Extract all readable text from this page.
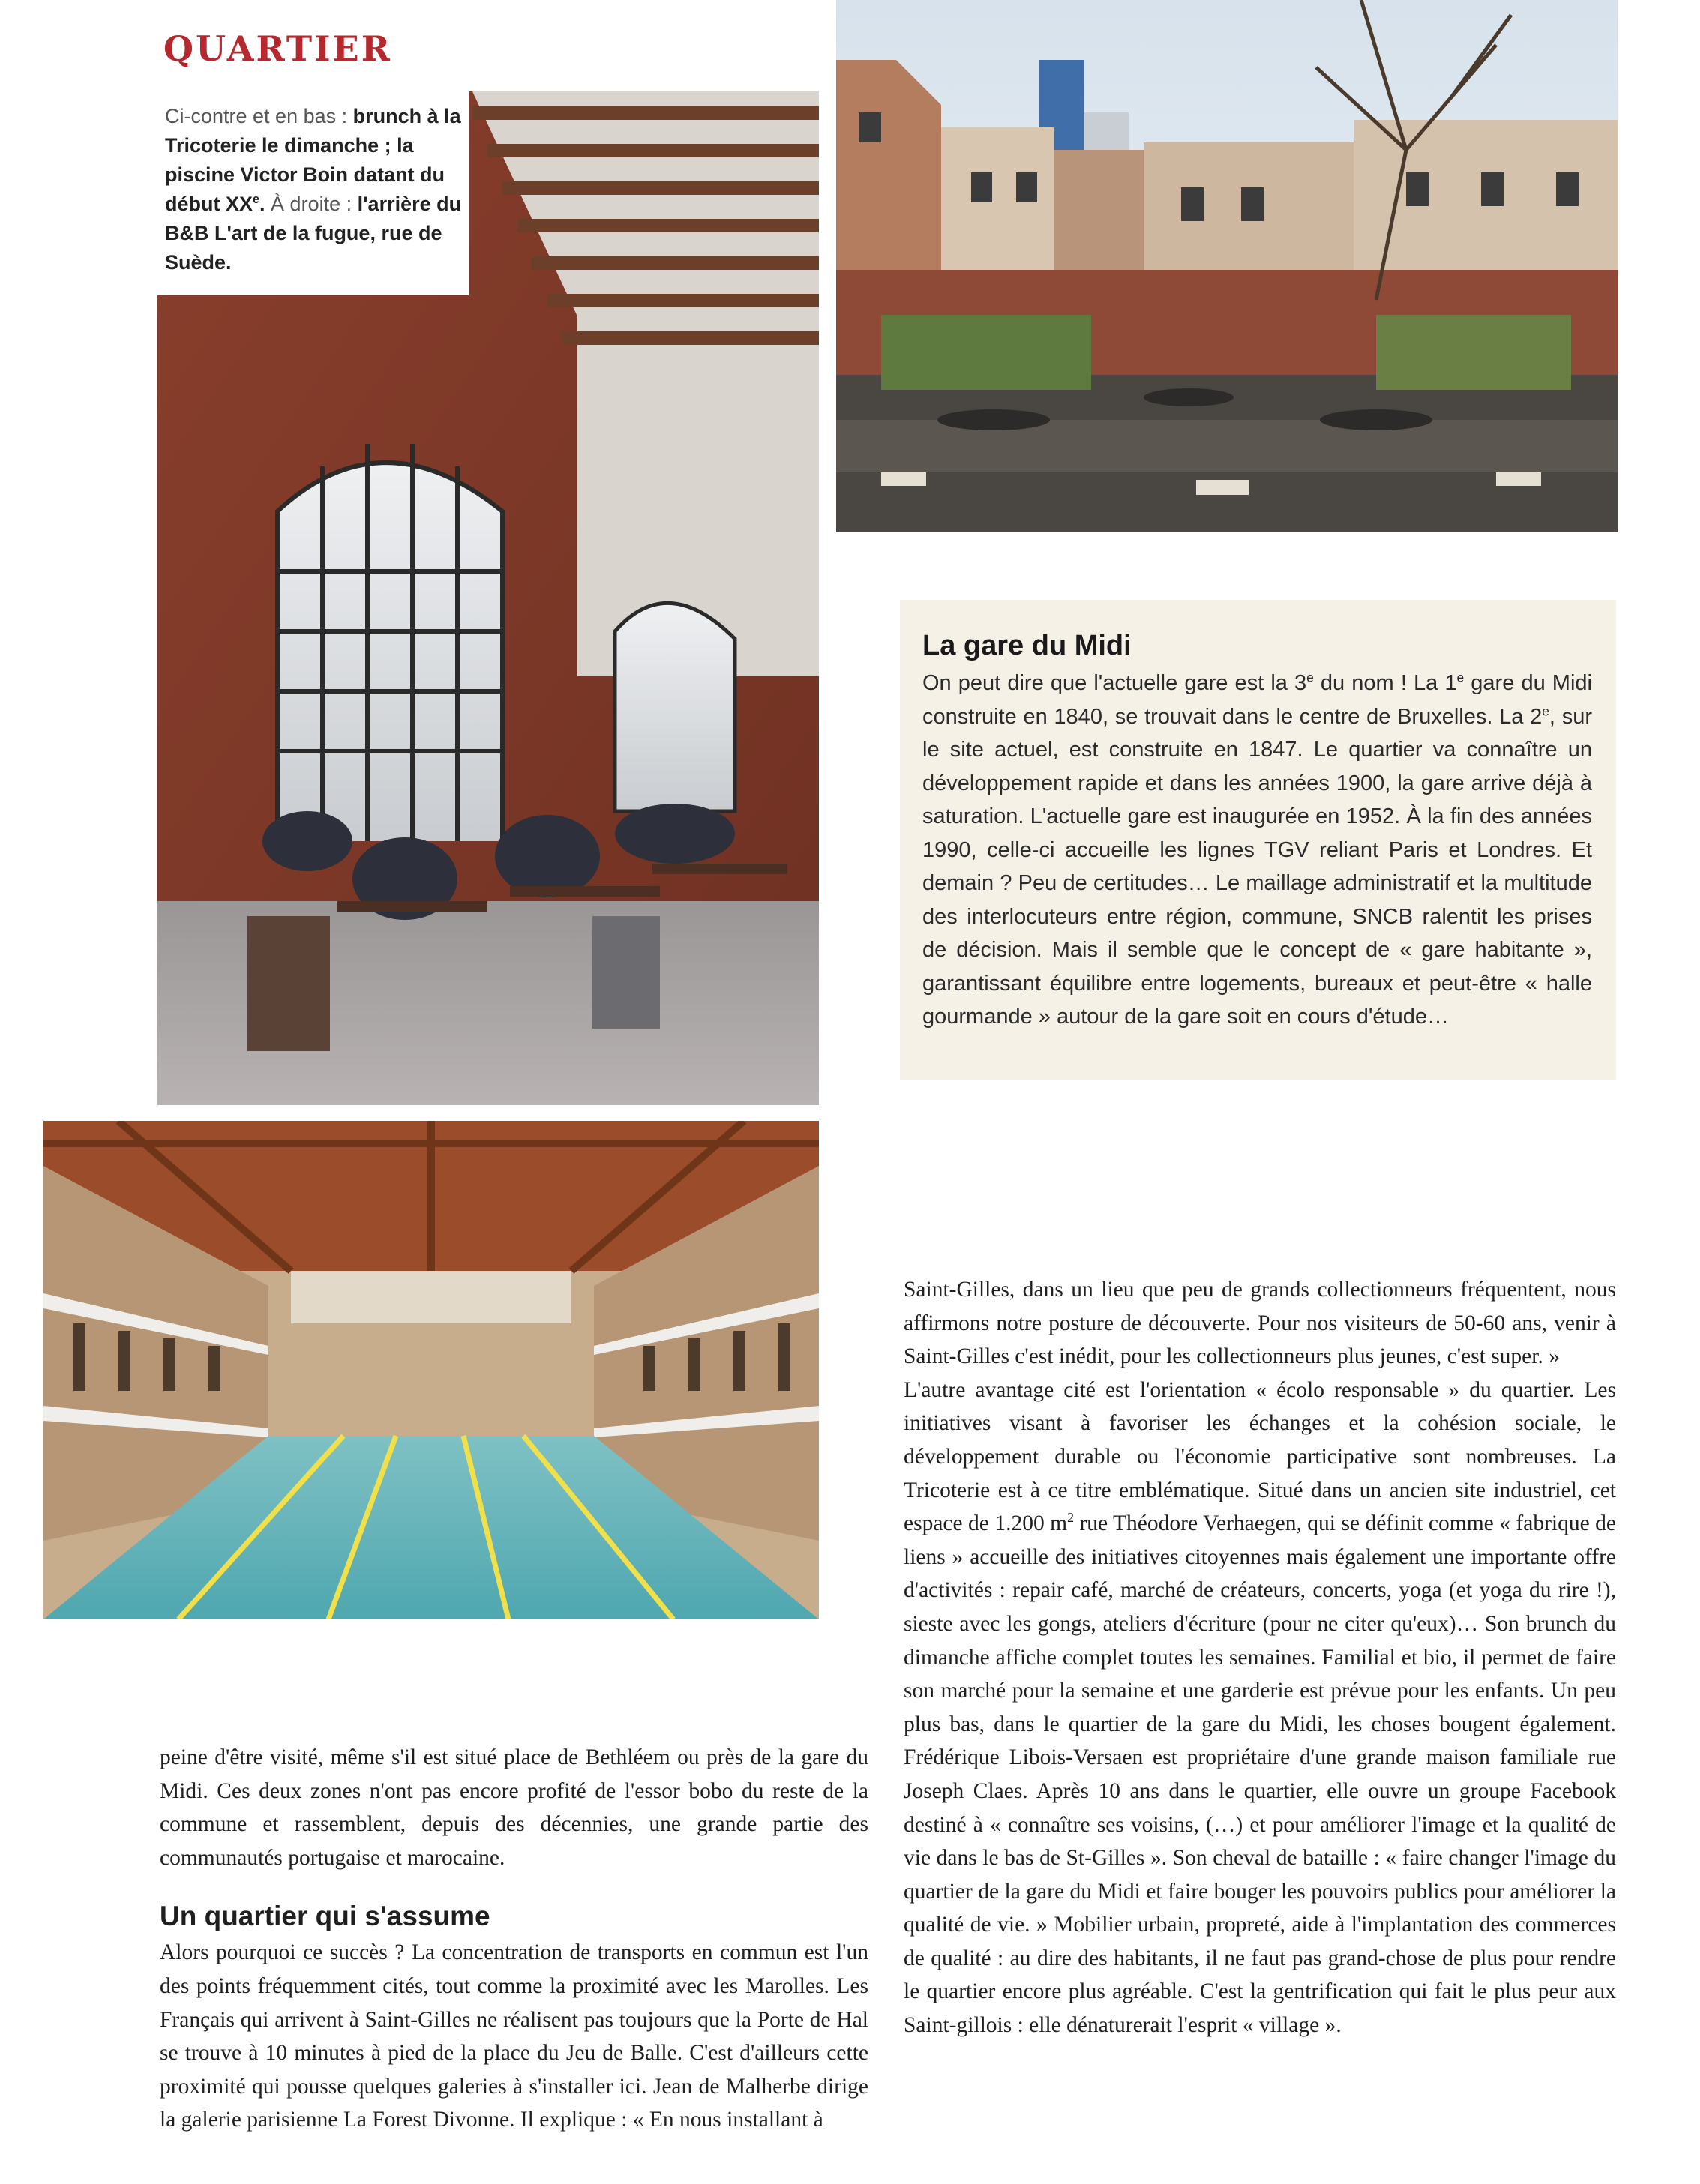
QUARTIER
Ci-contre et en bas : brunch à la Tricoterie le dimanche ; la piscine Victor Boin datant du début XXe. À droite : l'arrière du B&B L'art de la fugue, rue de Suède.
La gare du Midi

On peut dire que l'actuelle gare est la 3e du nom ! La 1e gare du Midi construite en 1840, se trouvait dans le centre de Bruxelles. La 2e, sur le site actuel, est construite en 1847. Le quartier va connaître un développement rapide et dans les années 1900, la gare arrive déjà à saturation. L'actuelle gare est inaugurée en 1952. À la fin des années 1990, celle-ci accueille les lignes TGV reliant Paris et Londres. Et demain ? Peu de certitudes… Le maillage administratif et la multitude des interlocuteurs entre région, commune, SNCB ralentit les prises de décision. Mais il semble que le concept de « gare habitante », garantissant équilibre entre logements, bureaux et peut-être « halle gourmande » autour de la gare soit en cours d'étude…

peine d'être visité, même s'il est situé place de Bethléem ou près de la gare du Midi. Ces deux zones n'ont pas encore profité de l'essor bobo du reste de la commune et rassemblent, depuis des décennies, une grande partie des communautés portugaise et marocaine.

Un quartier qui s'assume

Alors pourquoi ce succès ? La concentration de transports en commun est l'un des points fréquemment cités, tout comme la proximité avec les Marolles. Les Français qui arrivent à Saint-Gilles ne réalisent pas toujours que la Porte de Hal se trouve à 10 minutes à pied de la place du Jeu de Balle. C'est d'ailleurs cette proximité qui pousse quelques galeries à s'installer ici. Jean de Malherbe dirige la galerie parisienne La Forest Divonne. Il explique : « En nous installant à

Saint-Gilles, dans un lieu que peu de grands collectionneurs fréquentent, nous affirmons notre posture de découverte. Pour nos visiteurs de 50-60 ans, venir à Saint-Gilles c'est inédit, pour les collectionneurs plus jeunes, c'est super. »

L'autre avantage cité est l'orientation « écolo responsable » du quartier. Les initiatives visant à favoriser les échanges et la cohésion sociale, le développement durable ou l'économie participative sont nombreuses. La Tricoterie est à ce titre emblématique. Situé dans un ancien site industriel, cet espace de 1.200 $m^2$ rue Théodore Verhaegen, qui se définit comme « fabrique de liens » accueille des initiatives citoyennes mais également une importante offre d'activités : repair café, marché de créateurs, concerts, yoga (et yoga du rire !), sieste avec les gongs, ateliers d'écriture (pour ne citer qu'eux)… Son brunch du dimanche affiche complet toutes les semaines. Familial et bio, il permet de faire son marché pour la semaine et une garderie est prévue pour les enfants. Un peu plus bas, dans le quartier de la gare du Midi, les choses bougent également. Frédérique Libois-Versaen est propriétaire d'une grande maison familiale rue Joseph Claes. Après 10 ans dans le quartier, elle ouvre un groupe Facebook destiné à « connaître ses voisins, (…) et pour améliorer l'image et la qualité de vie dans le bas de St-Gilles ». Son cheval de bataille : « faire changer l'image du quartier de la gare du Midi et faire bouger les pouvoirs publics pour améliorer la qualité de vie. » Mobilier urbain, propreté, aide à l'implantation des commerces de qualité : au dire des habitants, il ne faut pas grand-chose de plus pour rendre le quartier encore plus agréable. C'est la gentrification qui fait le plus peur aux Saint-gillois : elle dénaturerait l'esprit « village ».
